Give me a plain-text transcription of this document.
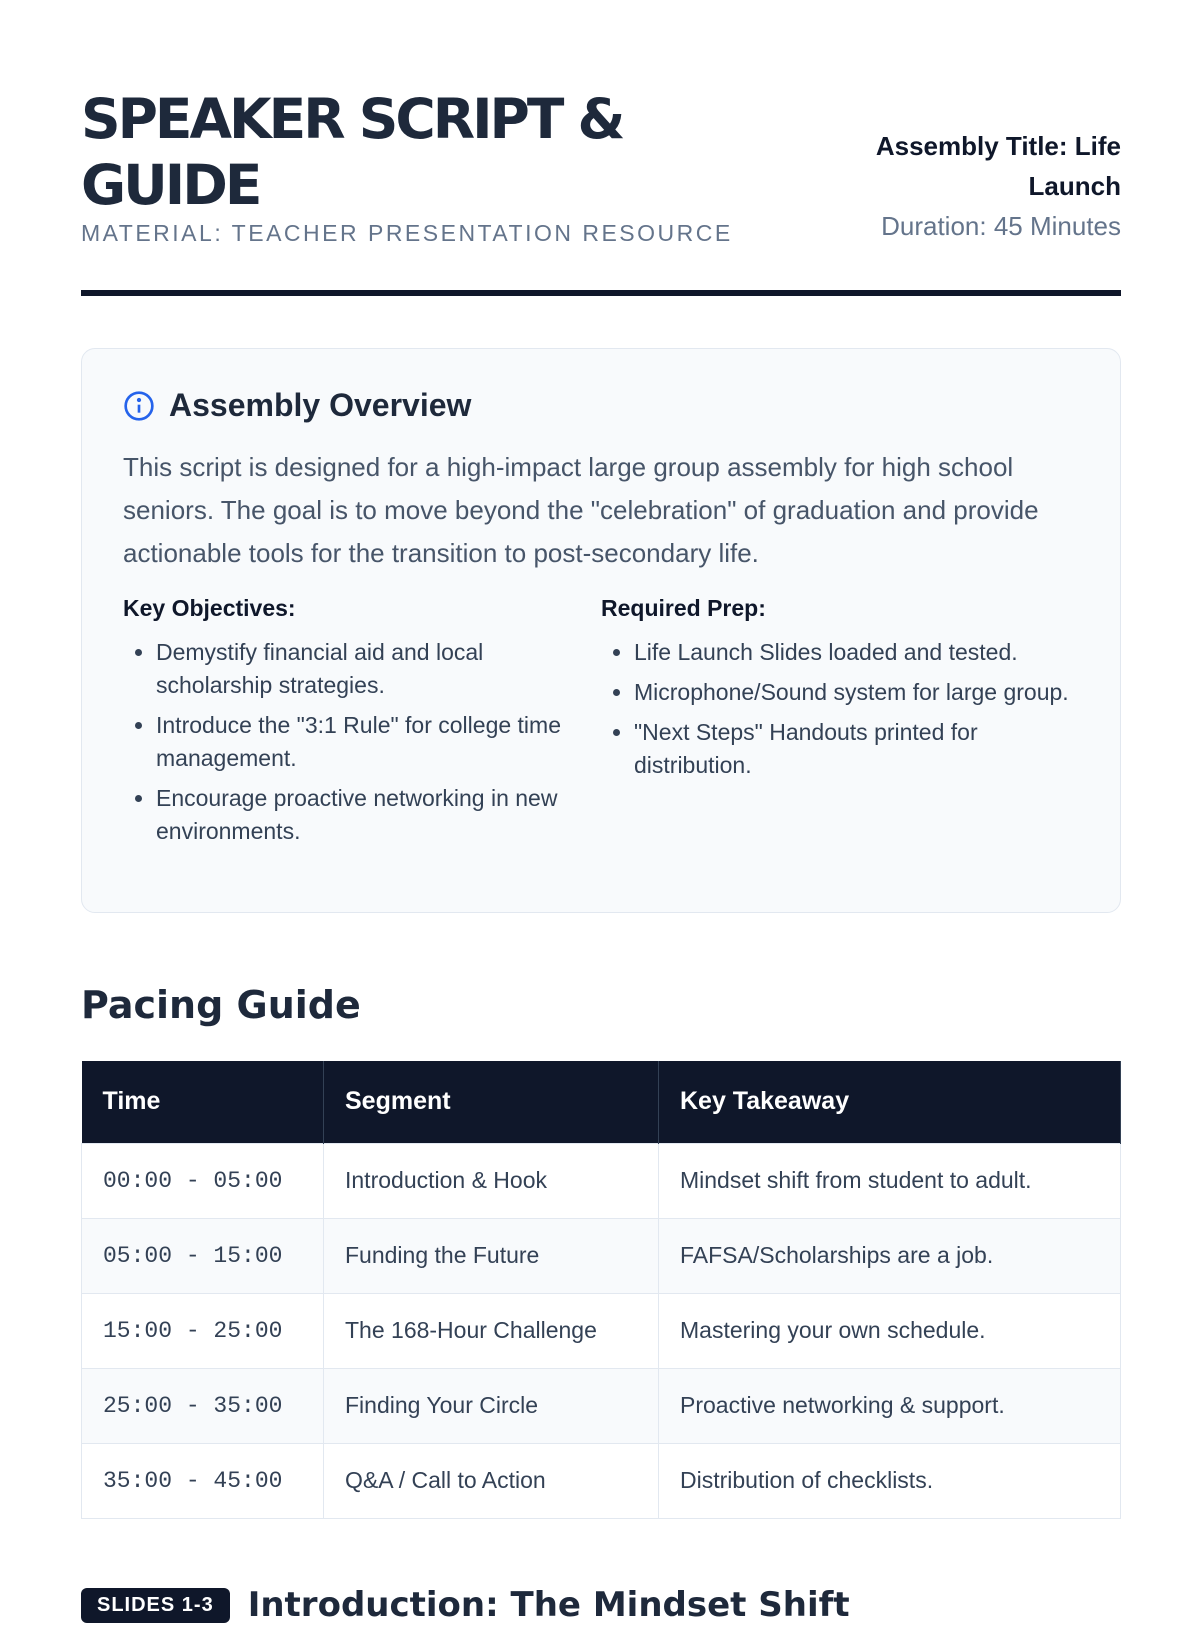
SPEAKER SCRIPT & GUIDE
MATERIAL: TEACHER PRESENTATION RESOURCE
Assembly Title: Life Launch
Duration: 45 Minutes
Assembly Overview

This script is designed for a high-impact large group assembly for high school seniors. The goal is to move beyond the "celebration" of graduation and provide actionable tools for the transition to post-secondary life.

Key Objectives:
• Demystify financial aid and local scholarship strategies.
• Introduce the "3:1 Rule" for college time management.
• Encourage proactive networking in new environments.
Required Prep:
• Life Launch Slides loaded and tested.
• Microphone/Sound system for large group.
• "Next Steps" Handouts printed for distribution.
Pacing Guide
Time	Segment	Key Takeaway
00:00 - 05:00	Introduction & Hook	Mindset shift from student to adult.
05:00 - 15:00	Funding the Future	FAFSA/Scholarships are a job.
15:00 - 25:00	The 168-Hour Challenge	Mastering your own schedule.
25:00 - 35:00	Finding Your Circle	Proactive networking & support.
35:00 - 45:00	Q&A / Call to Action	Distribution of checklists.
SLIDES 1-3	Introduction: The Mindset Shift
